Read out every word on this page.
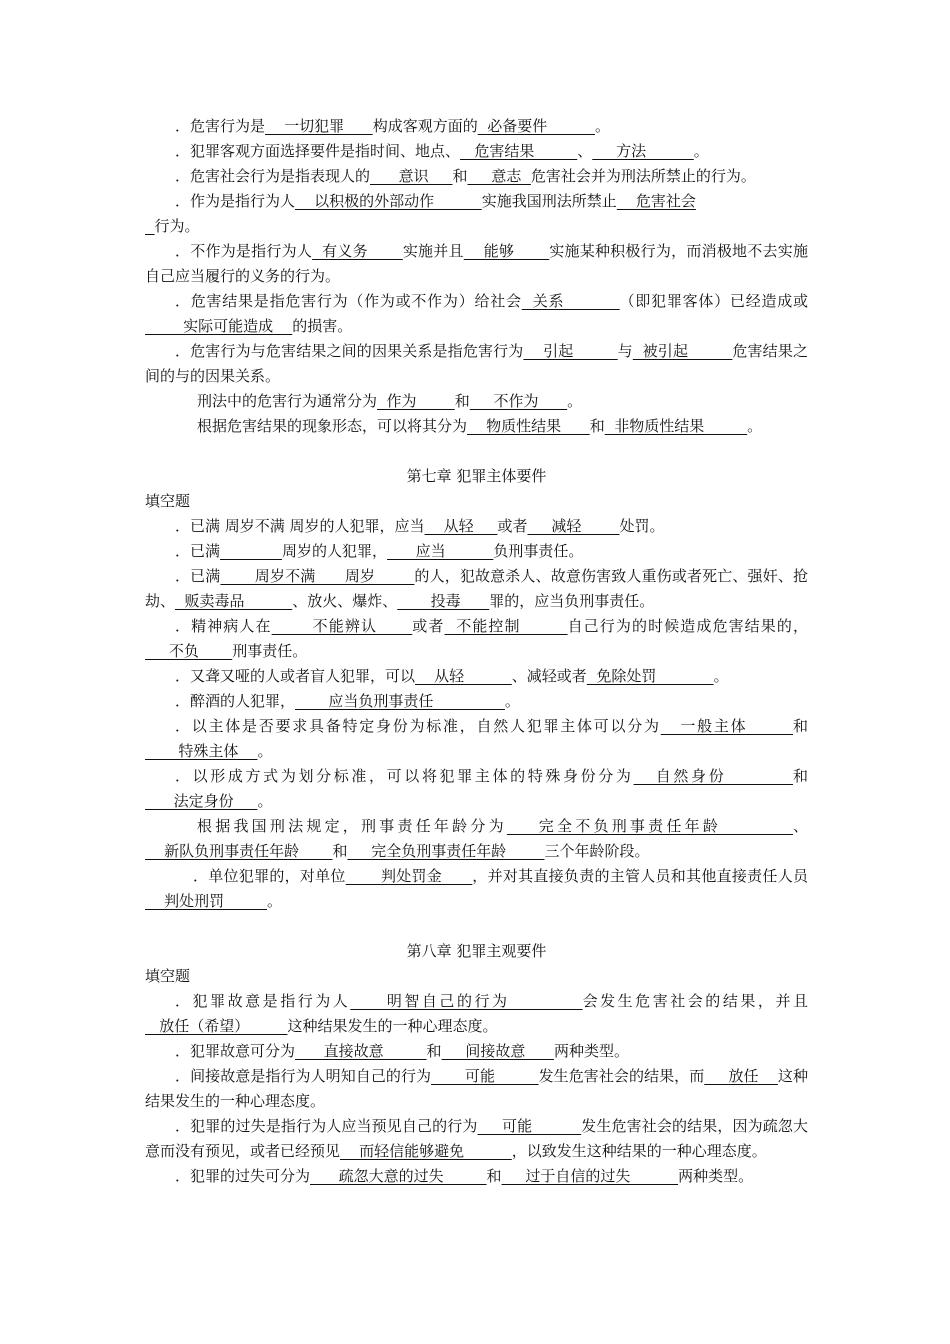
．危害行为是    一切犯罪      构成客观方面的  必备要件          。

．犯罪客观方面选择要件是指时间、地点、   危害结果         、     方法          。

．危害社会行为是指表现人的      意识     和     意志  危害社会并为刑法所禁止的行为。

．作为是指行为人    以积极的外部动作          实施我国刑法所禁止    危害社会

行为。

．不作为是指行为人  有义务       实施并且    能够       实施某种积极行为，而消极地不去实施自己应当履行的义务的行为。

．危害结果是指危害行为（作为或不作为）给社会  关系          （即犯罪客体）已经造成或        实际可能造成    的损害。

．危害行为与危害结果之间的因果关系是指危害行为    引起         与  被引起         危害结果之间的与的因果关系。

刑法中的危害行为通常分为  作为        和     不作为      。

根据危害结果的现象形态，可以将其分为    物质性结果      和  非物质性结果         。

第七章 犯罪主体要件
填空题

．已满 周岁不满 周岁的人犯罪，应当    从轻     或者     减轻        处罚。

．已满	周岁的人犯罪，      应当          负刑事责任。

．已满       周岁不满      周岁        的人，犯故意杀人、故意伤害致人重伤或者死亡、强奸、抢劫、  贩卖毒品          、放火、爆炸、       投毒      罪的，应当负刑事责任。

．精神病人在       不能辨认      或者  不能控制        自己行为的时候造成危害结果的，     不负       刑事责任。

．又聋又哑的人或者盲人犯罪，可以    从轻          、减轻或者  免除处罚            。

．醉酒的人犯罪，       应当负刑事责任               。

．以主体是否要求具备特定身份为标准，自然人犯罪主体可以分为   一般主体       和       特殊主体    。

．以形成方式为划分标准，可以将犯罪主体的特殊身份分为   自然身份         和      法定身份     。

根据我国刑法规定，刑事责任年龄分为    完全不负刑事责任年龄         、    新队负刑事责任年龄       和     完全负刑事责任年龄        三个年龄阶段。

．单位犯罪的，对单位       判处罚金      ，并对其直接负责的主管人员和其他直接责任人员    判处刑罚         。

第八章 犯罪主观要件
填空题

．犯罪故意是指行为人     明智自己的行为          会发生危害社会的结果，并且   放任（希望）        这种结果发生的一种心理态度。

．犯罪故意可分为      直接故意         和     间接故意      两种类型。

．间接故意是指行为人明知自己的行为       可能         发生危害社会的结果，而     放任    这种结果发生的一种心理态度。

．犯罪的过失是指行为人应当预见自己的行为     可能          发生危害社会的结果，因为疏忽大意而没有预见，或者已经预见    而轻信能够避免          ，以致发生这种结果的一种心理态度。

．犯罪的过失可分为      疏忽大意的过失         和     过于自信的过失          两种类型。
